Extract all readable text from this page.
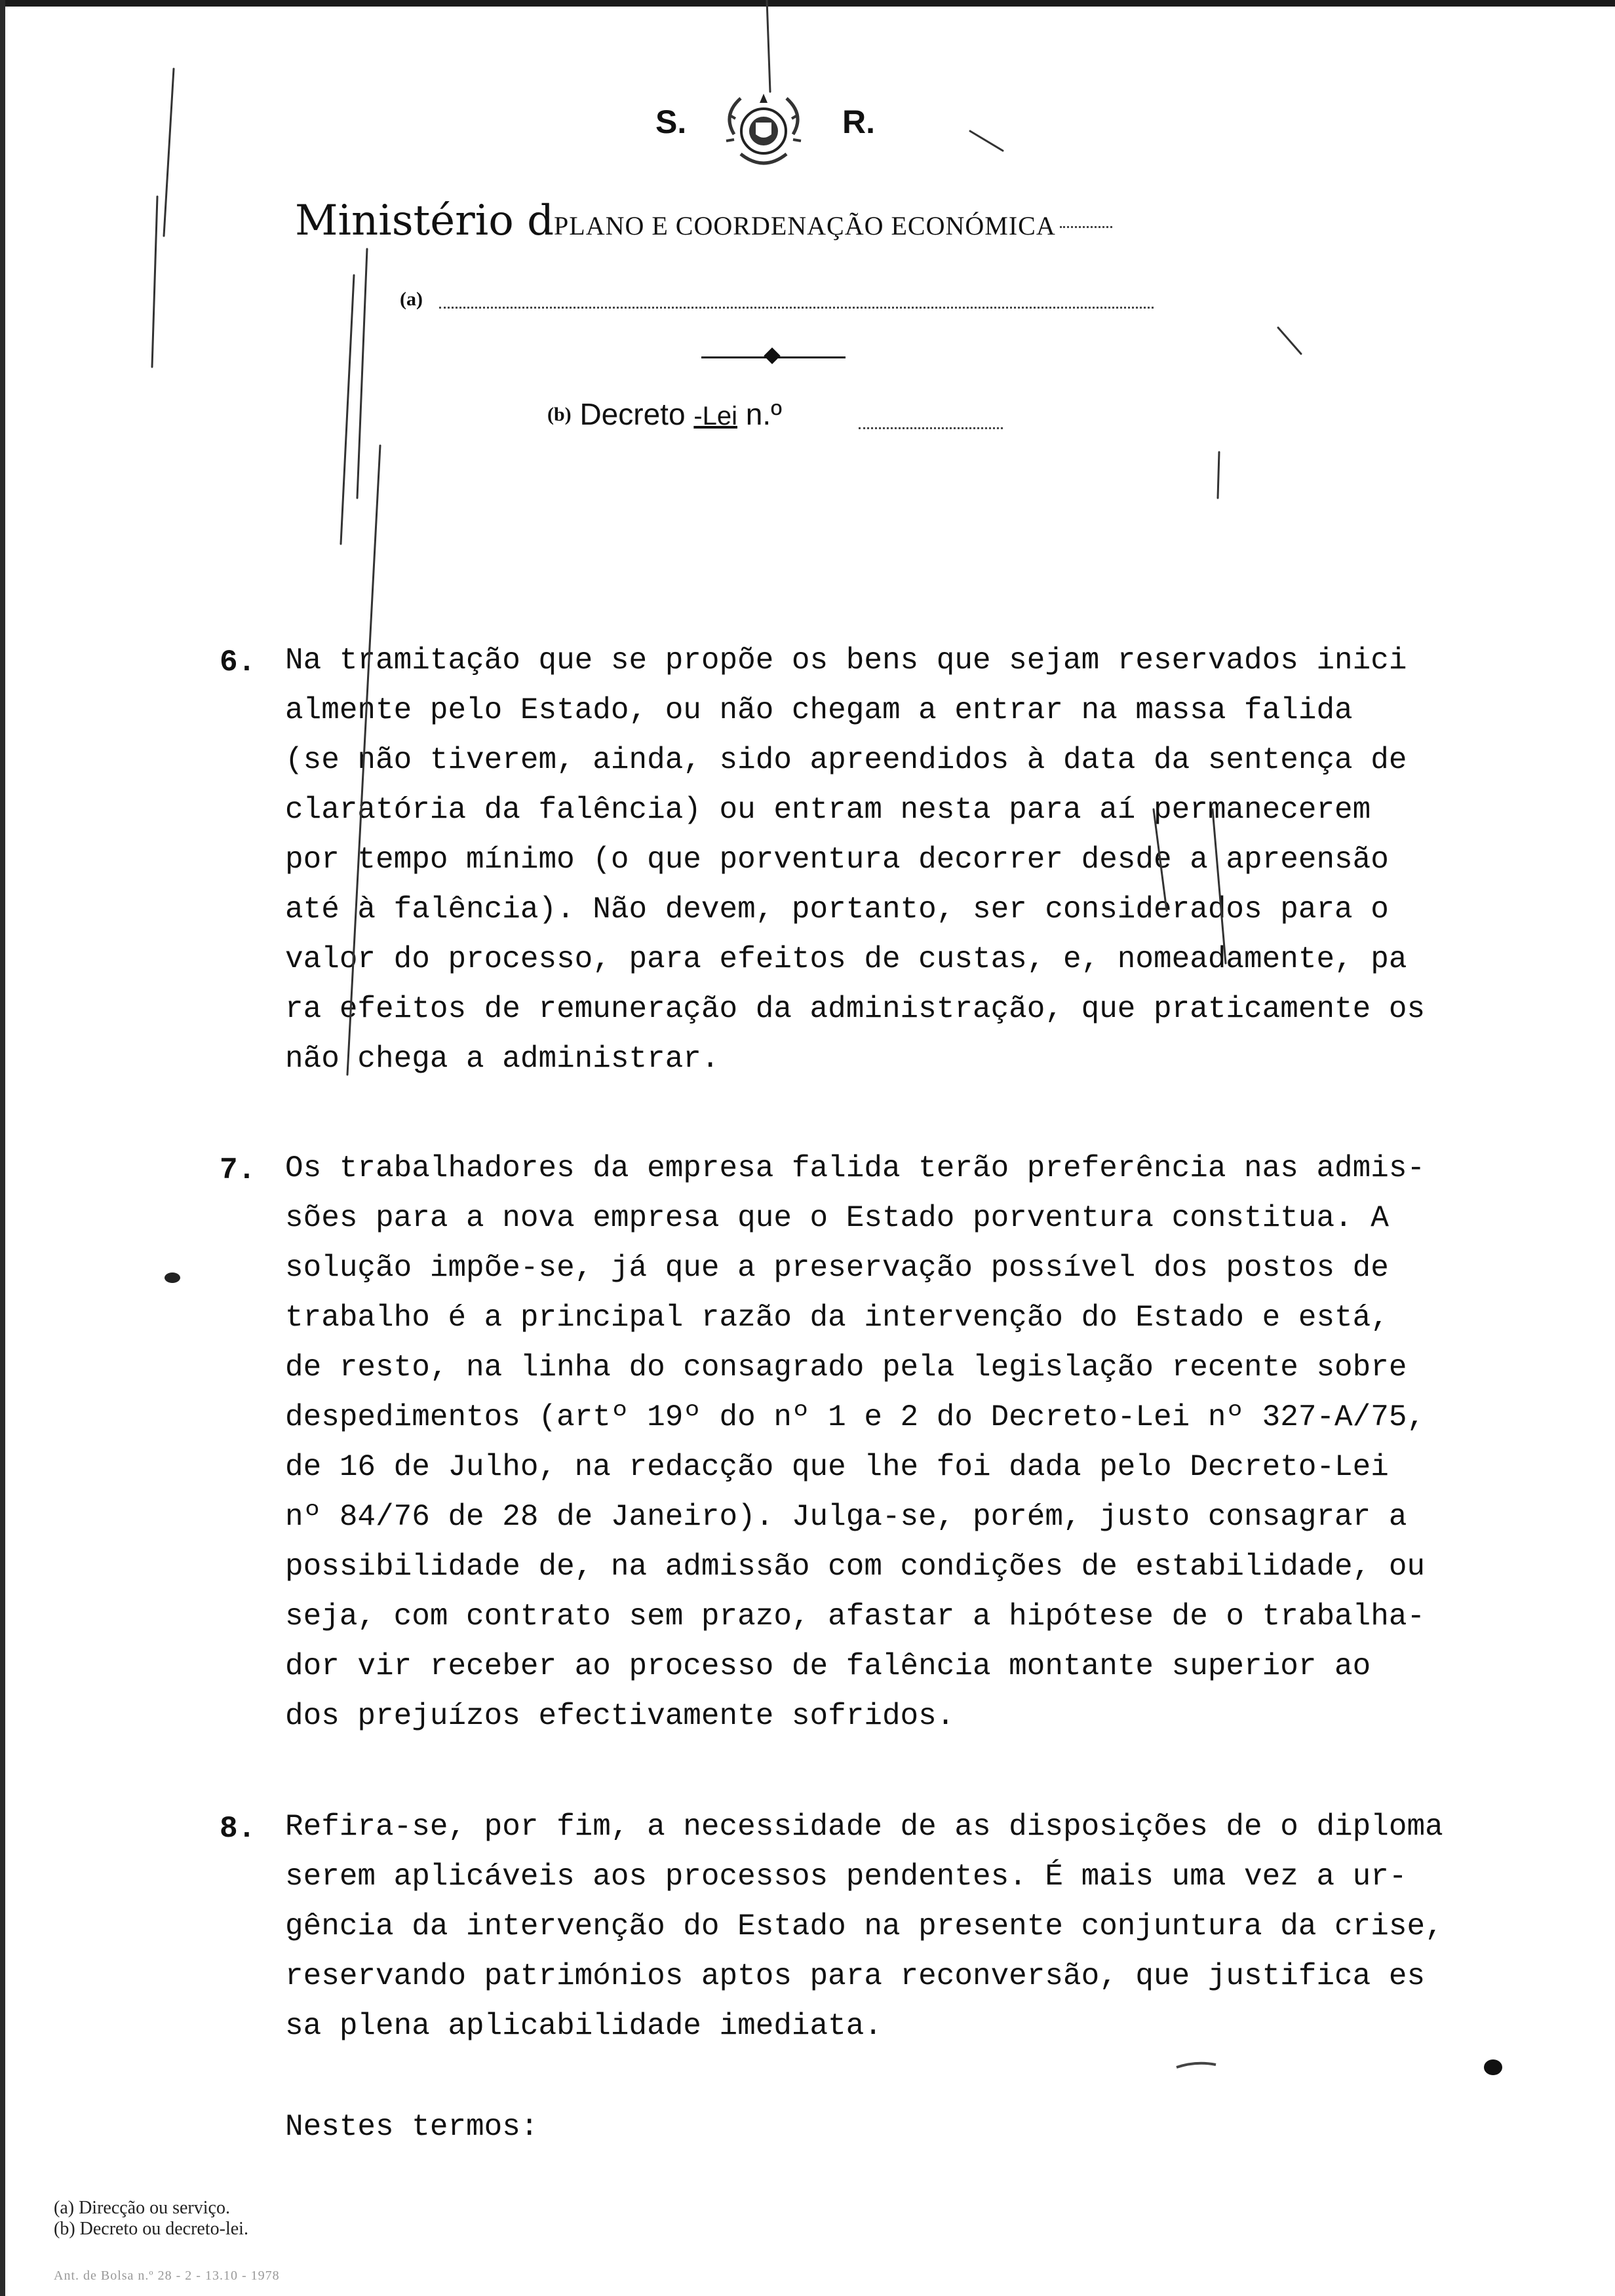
S.	R.
Ministério dPLANO E COORDENAÇÃO ECONÓMICA
(a)
(b) Decreto -Lei n.º
6. Na tramitação que se propõe os bens que sejam reservados inici
almente pelo Estado, ou não chegam a entrar na massa falida
(se não tiverem, ainda, sido apreendidos à data da sentença de
claratória da falência) ou entram nesta para aí permanecerem
por tempo mínimo (o que porventura decorrer desde a apreensão
até à falência). Não devem, portanto, ser considerados para o
valor do processo, para efeitos de custas, e, nomeadamente, pa
ra efeitos de remuneração da administração, que praticamente os
não chega a administrar.
7. Os trabalhadores da empresa falida terão preferência nas admis-
sões para a nova empresa que o Estado porventura constitua. A
solução impõe-se, já que a preservação possível dos postos de
trabalho é a principal razão da intervenção do Estado e está,
de resto, na linha do consagrado pela legislação recente sobre
despedimentos (artº 19º do nº 1 e 2 do Decreto-Lei nº 327-A/75,
de 16 de Julho, na redacção que lhe foi dada pelo Decreto-Lei
nº 84/76 de 28 de Janeiro). Julga-se, porém, justo consagrar a
possibilidade de, na admissão com condições de estabilidade, ou
seja, com contrato sem prazo, afastar a hipótese de o trabalha-
dor vir receber ao processo de falência montante superior ao
dos prejuízos efectivamente sofridos.
8. Refira-se, por fim, a necessidade de as disposições de o diploma
serem aplicáveis aos processos pendentes. É mais uma vez a ur-
gência da intervenção do Estado na presente conjuntura da crise,
reservando patrimónios aptos para reconversão, que justifica es
sa plena aplicabilidade imediata.
Nestes termos:
(a) Direcção ou serviço.
(b) Decreto ou decreto-lei.
Ant. de Bolsa n.º 28 - 2 - 13.10 - 1978
